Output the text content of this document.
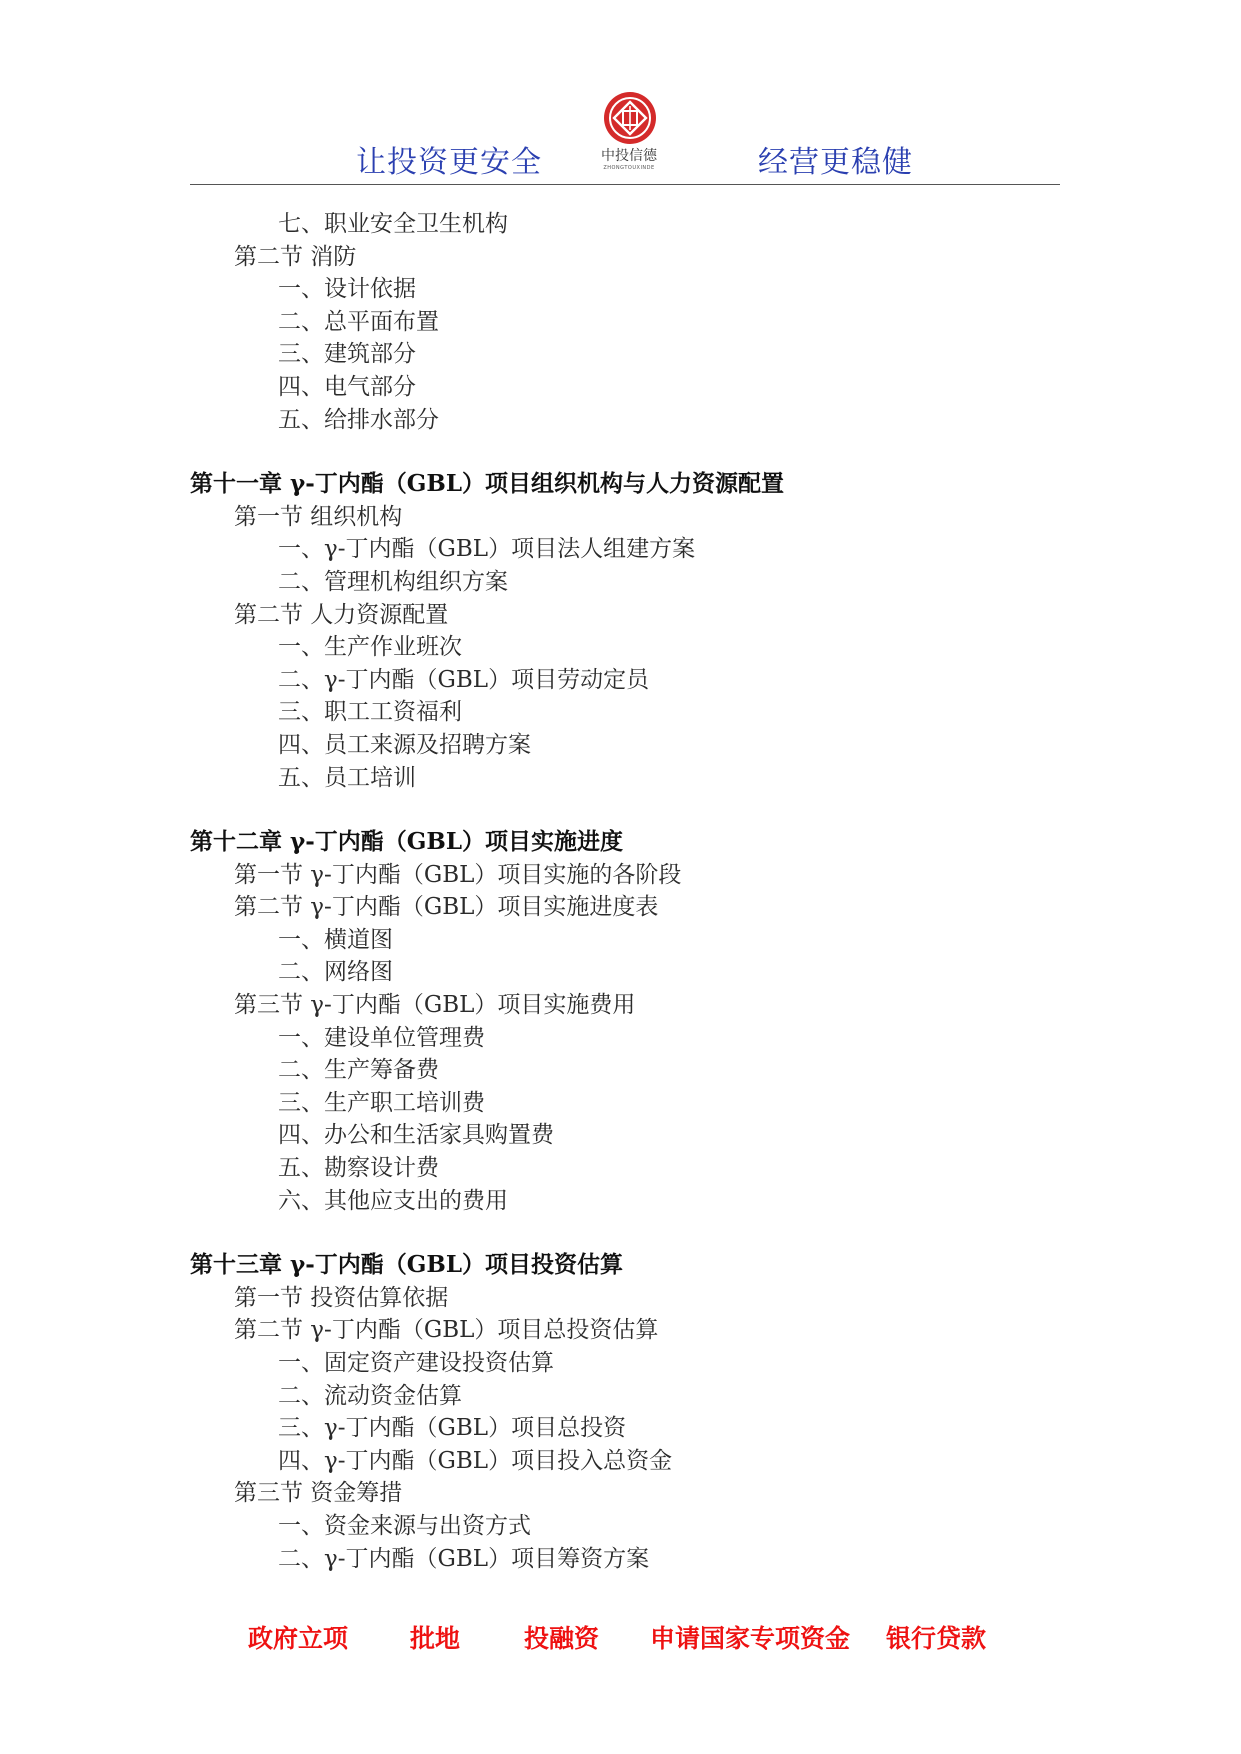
让投资更安全	中投信德
ZHONGTOUXINDE	经营更稳健
七、职业安全卫生机构
第二节 消防
一、设计依据
二、总平面布置
三、建筑部分
四、电气部分
五、给排水部分
第十一章 γ-丁内酯（GBL）项目组织机构与人力资源配置
第一节 组织机构
一、γ-丁内酯（GBL）项目法人组建方案
二、管理机构组织方案
第二节 人力资源配置
一、生产作业班次
二、γ-丁内酯（GBL）项目劳动定员
三、职工工资福利
四、员工来源及招聘方案
五、员工培训
第十二章 γ-丁内酯（GBL）项目实施进度
第一节 γ-丁内酯（GBL）项目实施的各阶段
第二节 γ-丁内酯（GBL）项目实施进度表
一、横道图
二、网络图
第三节 γ-丁内酯（GBL）项目实施费用
一、建设单位管理费
二、生产筹备费
三、生产职工培训费
四、办公和生活家具购置费
五、勘察设计费
六、其他应支出的费用
第十三章 γ-丁内酯（GBL）项目投资估算
第一节 投资估算依据
第二节 γ-丁内酯（GBL）项目总投资估算
一、固定资产建设投资估算
二、流动资金估算
三、γ-丁内酯（GBL）项目总投资
四、γ-丁内酯（GBL）项目投入总资金
第三节 资金筹措
一、资金来源与出资方式
二、γ-丁内酯（GBL）项目筹资方案
政府立项 批地	投融资 申请国家专项资金 银行贷款
